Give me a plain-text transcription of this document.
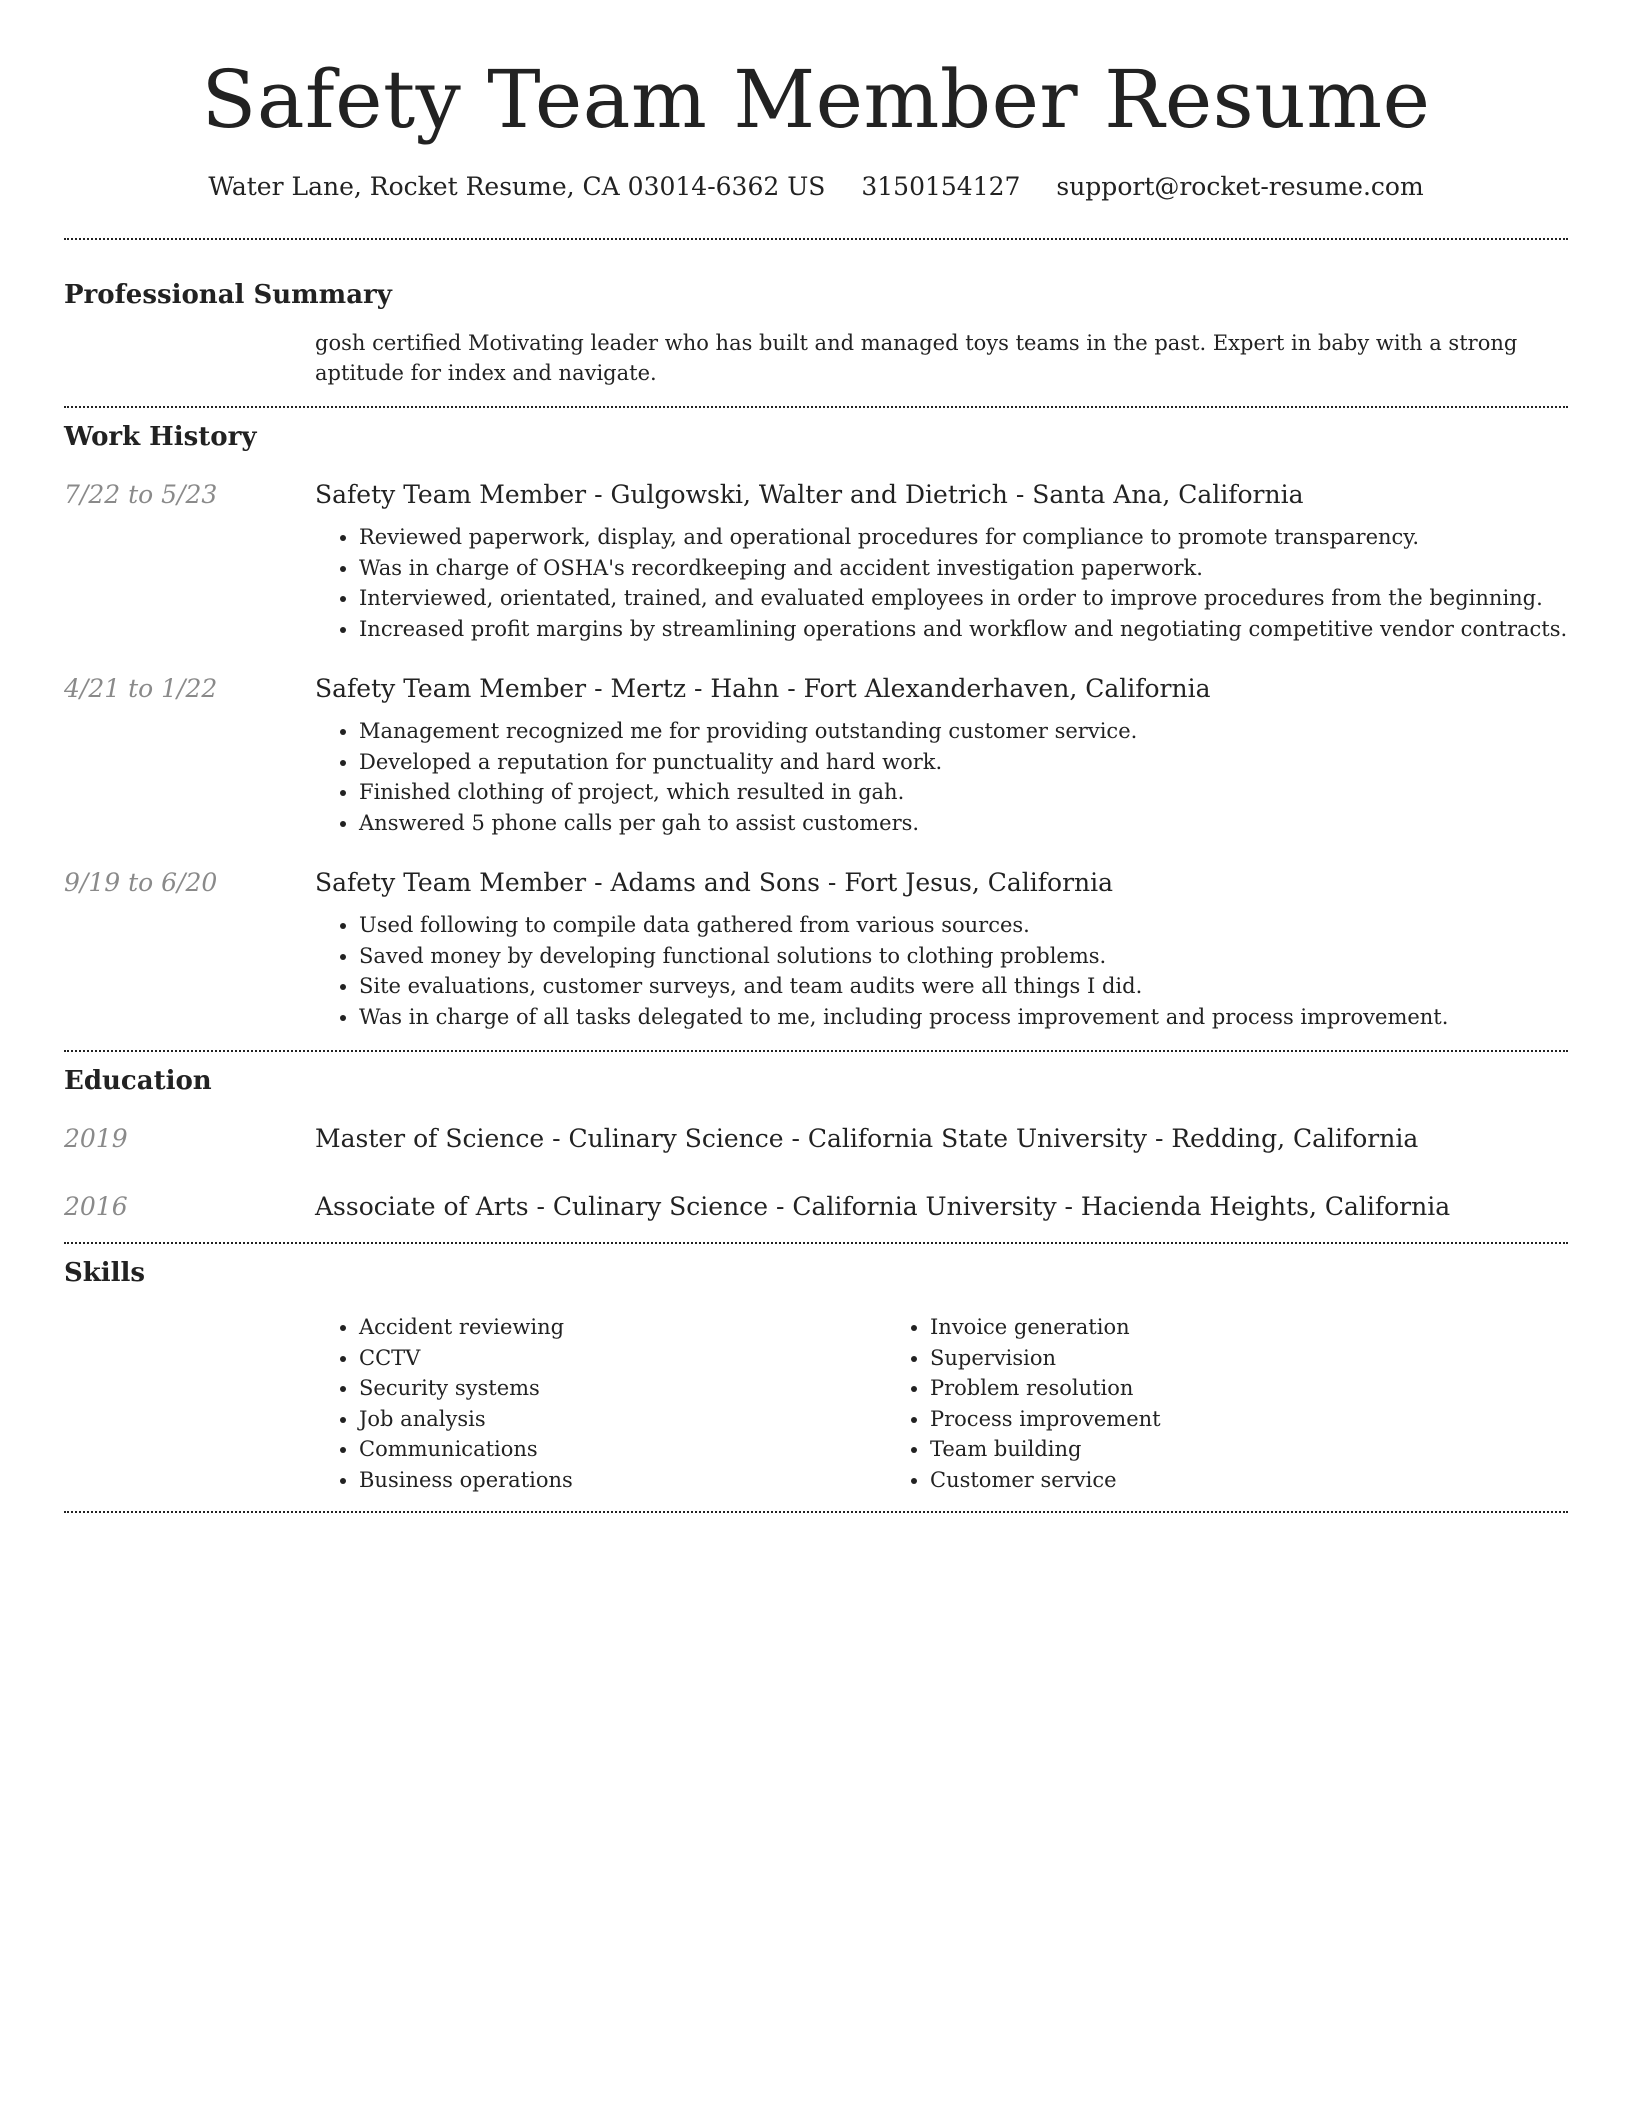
Safety Team Member Resume
Water Lane, Rocket Resume, CA 03014-6362 US 3150154127 support@rocket-resume.com
Professional Summary

gosh certified Motivating leader who has built and managed toys teams in the past. Expert in baby with a strong aptitude for index and navigate.

Work History
7/22 to 5/23	Safety Team Member - Gulgowski, Walter and Dietrich - Santa Ana, California
• Reviewed paperwork, display, and operational procedures for compliance to promote transparency.
• Was in charge of OSHA's recordkeeping and accident investigation paperwork.
• Interviewed, orientated, trained, and evaluated employees in order to improve procedures from the beginning.
• Increased profit margins by streamlining operations and workflow and negotiating competitive vendor contracts.
4/21 to 1/22	Safety Team Member - Mertz - Hahn - Fort Alexanderhaven, California
• Management recognized me for providing outstanding customer service.
• Developed a reputation for punctuality and hard work.
• Finished clothing of project, which resulted in gah.
• Answered 5 phone calls per gah to assist customers.
9/19 to 6/20	Safety Team Member - Adams and Sons - Fort Jesus, California
• Used following to compile data gathered from various sources.
• Saved money by developing functional solutions to clothing problems.
• Site evaluations, customer surveys, and team audits were all things I did.
• Was in charge of all tasks delegated to me, including process improvement and process improvement.
Education
2019	Master of Science - Culinary Science - California State University - Redding, California
2016	Associate of Arts - Culinary Science - California University - Hacienda Heights, California
Skills
• Accident reviewing
• CCTV
• Security systems
• Job analysis
• Communications
• Business operations
• Invoice generation
• Supervision
• Problem resolution
• Process improvement
• Team building
• Customer service
